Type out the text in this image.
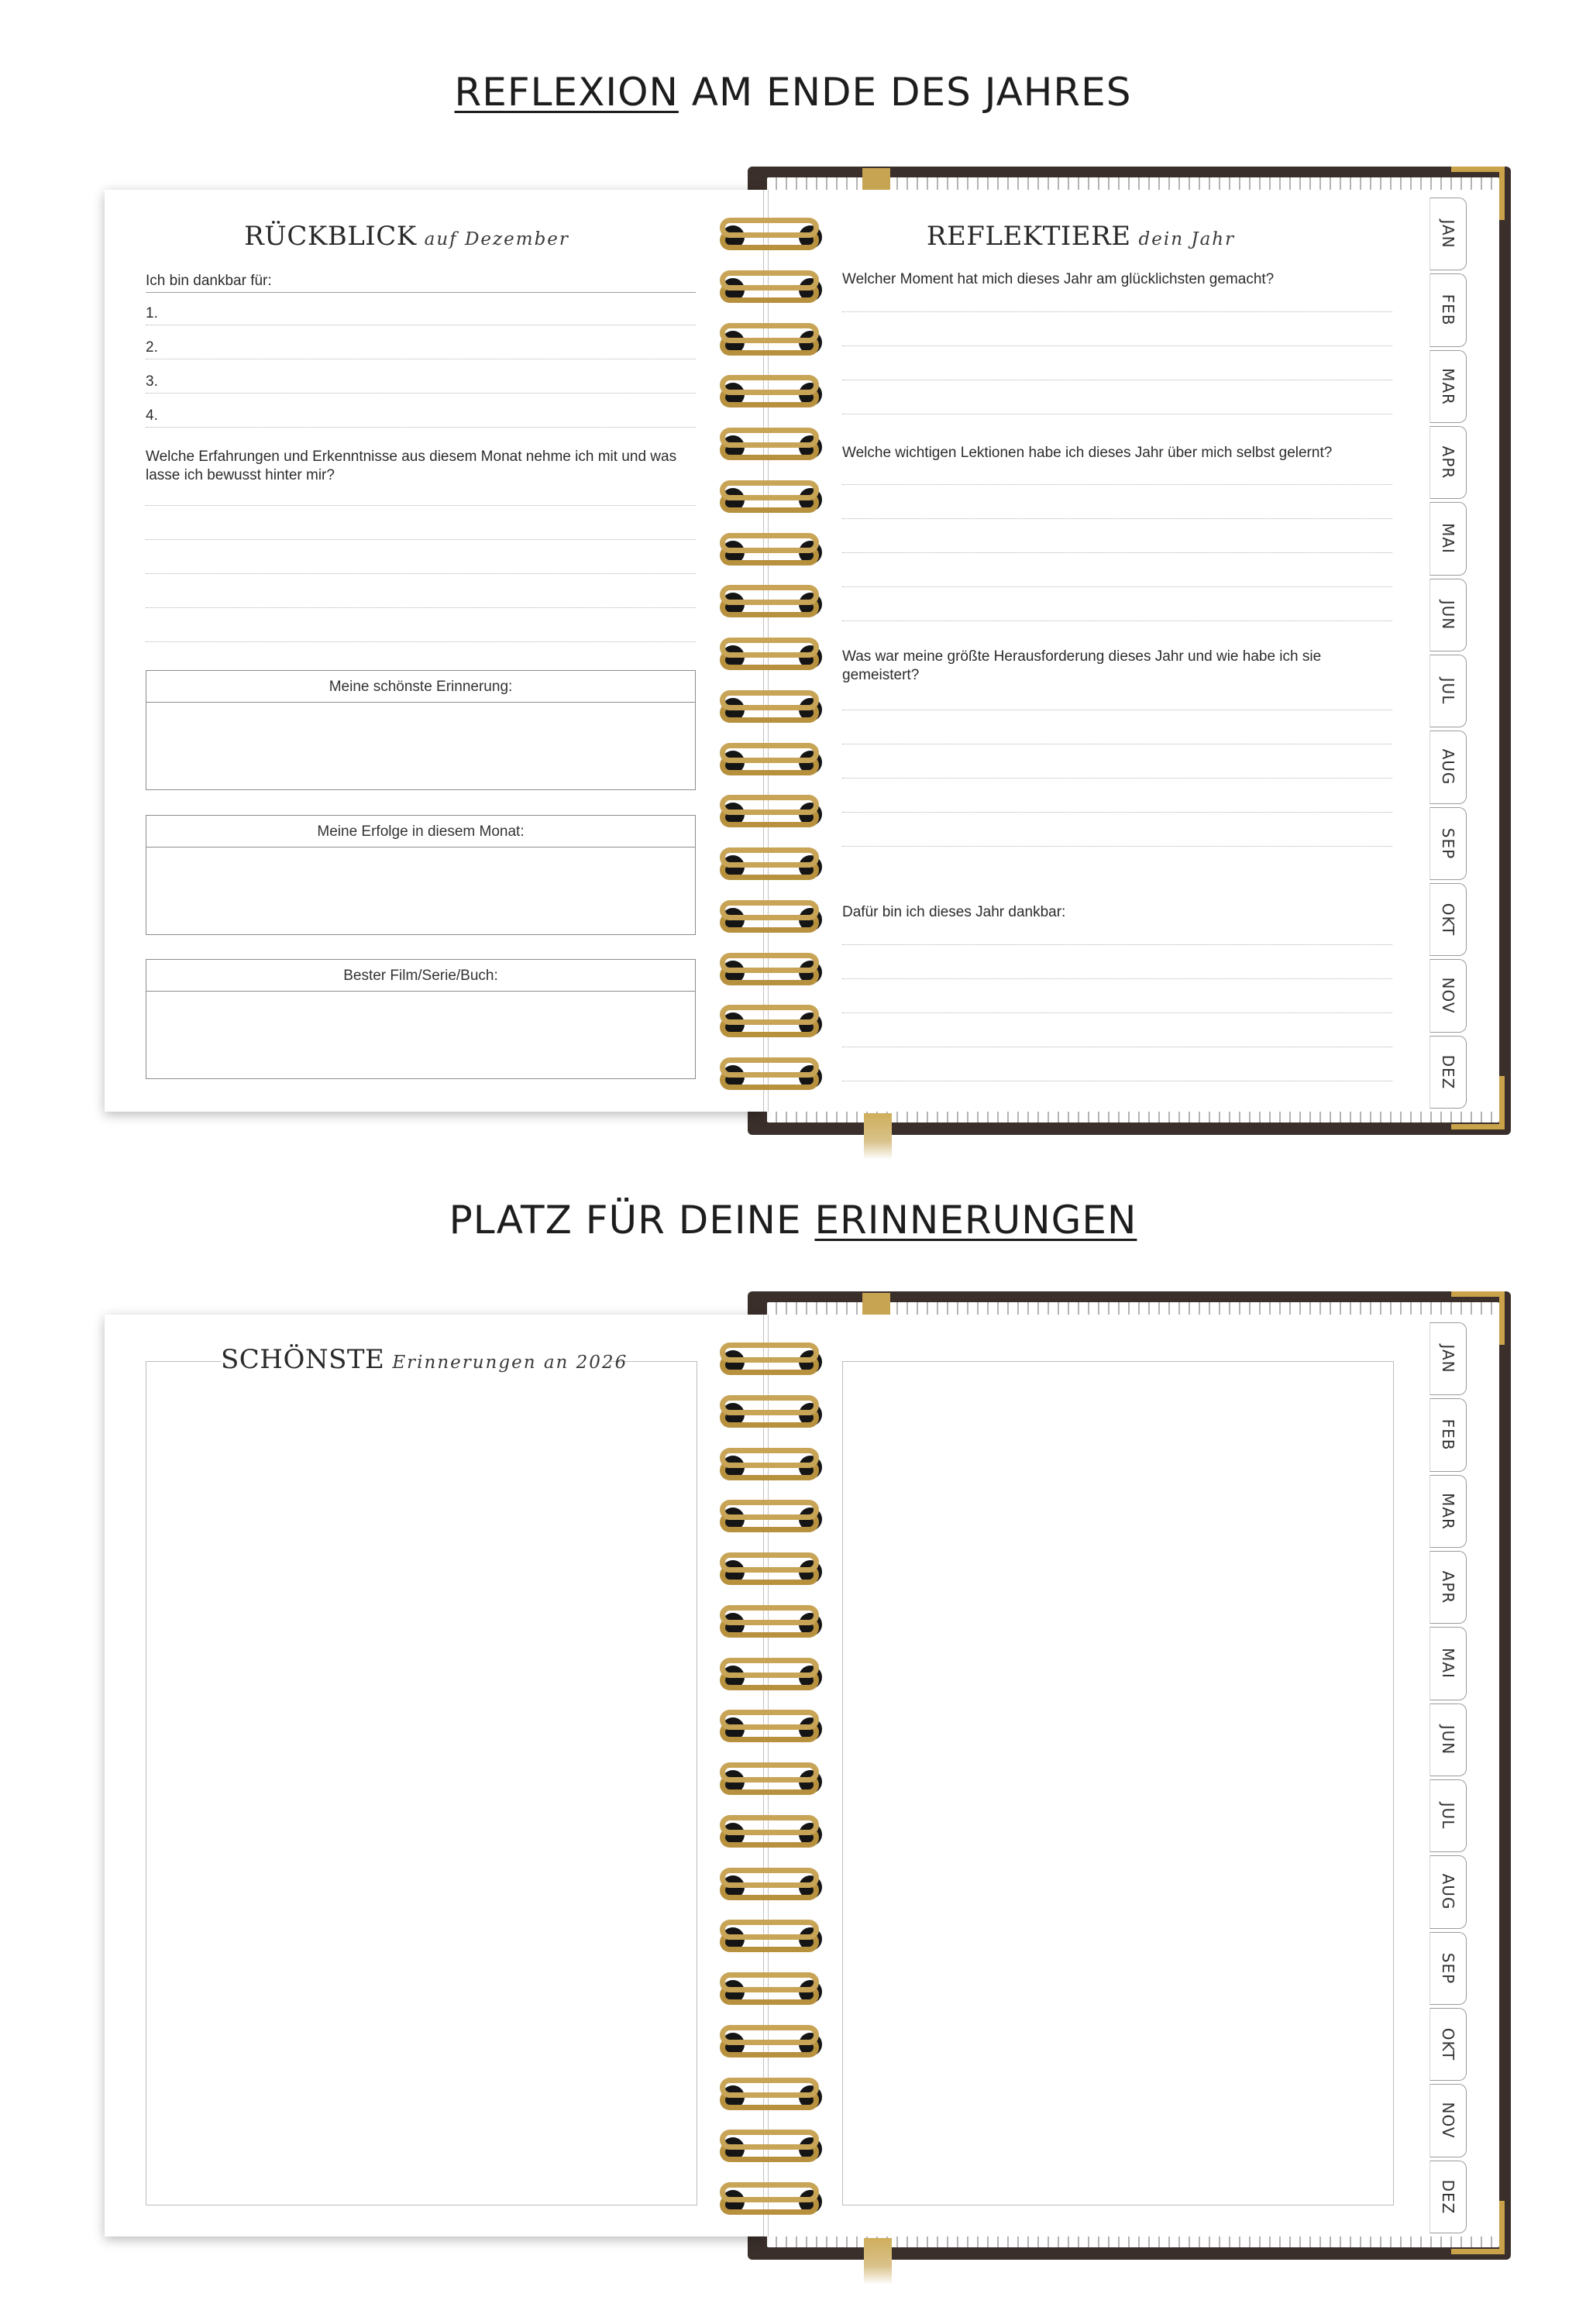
REFLEXION AM ENDE DES JAHRES
JAN
FEB
MAR
APR
MAI
JUN
JUL
AUG
SEP
OKT
NOV
DEZ
RÜCKBLICK auf Dezember
Ich bin dankbar für:
1.
2.
3.
4.
Welche Erfahrungen und Erkenntnisse aus diesem Monat nehme ich mit und was lasse ich bewusst hinter mir?
Meine schönste Erinnerung:
Meine Erfolge in diesem Monat:
Bester Film/Serie/Buch:
REFLEKTIERE dein Jahr
Welcher Moment hat mich dieses Jahr am glücklichsten gemacht?
Welche wichtigen Lektionen habe ich dieses Jahr über mich selbst gelernt?
Was war meine größte Herausforderung dieses Jahr und wie habe ich sie gemeistert?
Dafür bin ich dieses Jahr dankbar:
PLATZ FÜR DEINE ERINNERUNGEN
JAN
FEB
MAR
APR
MAI
JUN
JUL
AUG
SEP
OKT
NOV
DEZ
SCHÖNSTE Erinnerungen an 2026
